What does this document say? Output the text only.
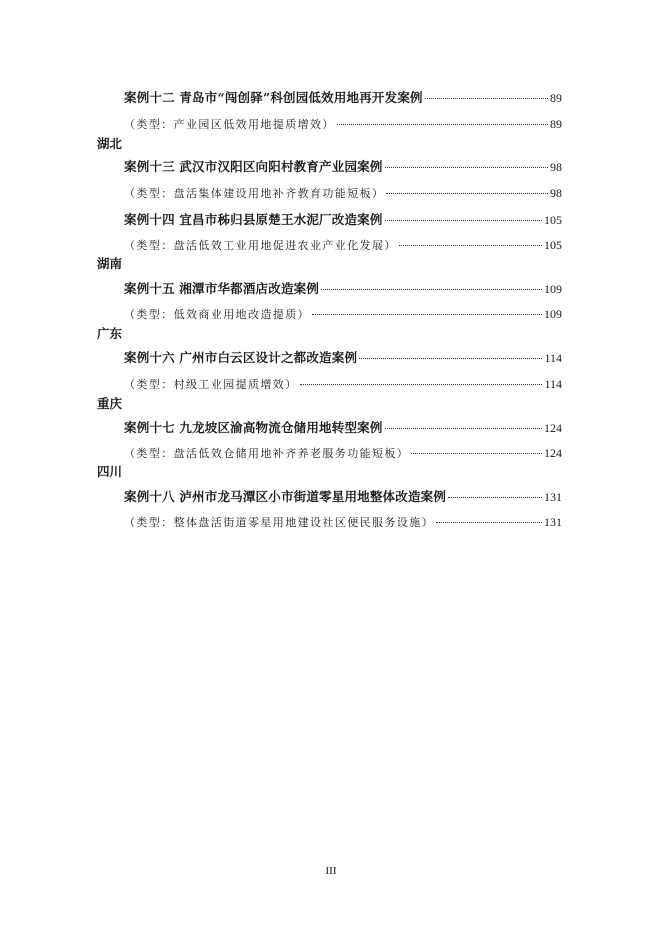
案例十二 青岛市“闯创驿”科创园低效用地再开发案例	89
（类型：产业园区低效用地提质增效）	89
湖北
案例十三 武汉市汉阳区向阳村教育产业园案例	98
（类型：盘活集体建设用地补齐教育功能短板）	98
案例十四 宜昌市秭归县原楚王水泥厂改造案例	105
（类型：盘活低效工业用地促进农业产业化发展）	105
湖南
案例十五 湘潭市华都酒店改造案例	109
（类型：低效商业用地改造提质）	109
广东
案例十六 广州市白云区设计之都改造案例	114
（类型：村级工业园提质增效）	114
重庆
案例十七 九龙坡区渝高物流仓储用地转型案例	124
（类型：盘活低效仓储用地补齐养老服务功能短板）	124
四川
案例十八 泸州市龙马潭区小市街道零星用地整体改造案例	131
（类型：整体盘活街道零星用地建设社区便民服务设施）	131
III
